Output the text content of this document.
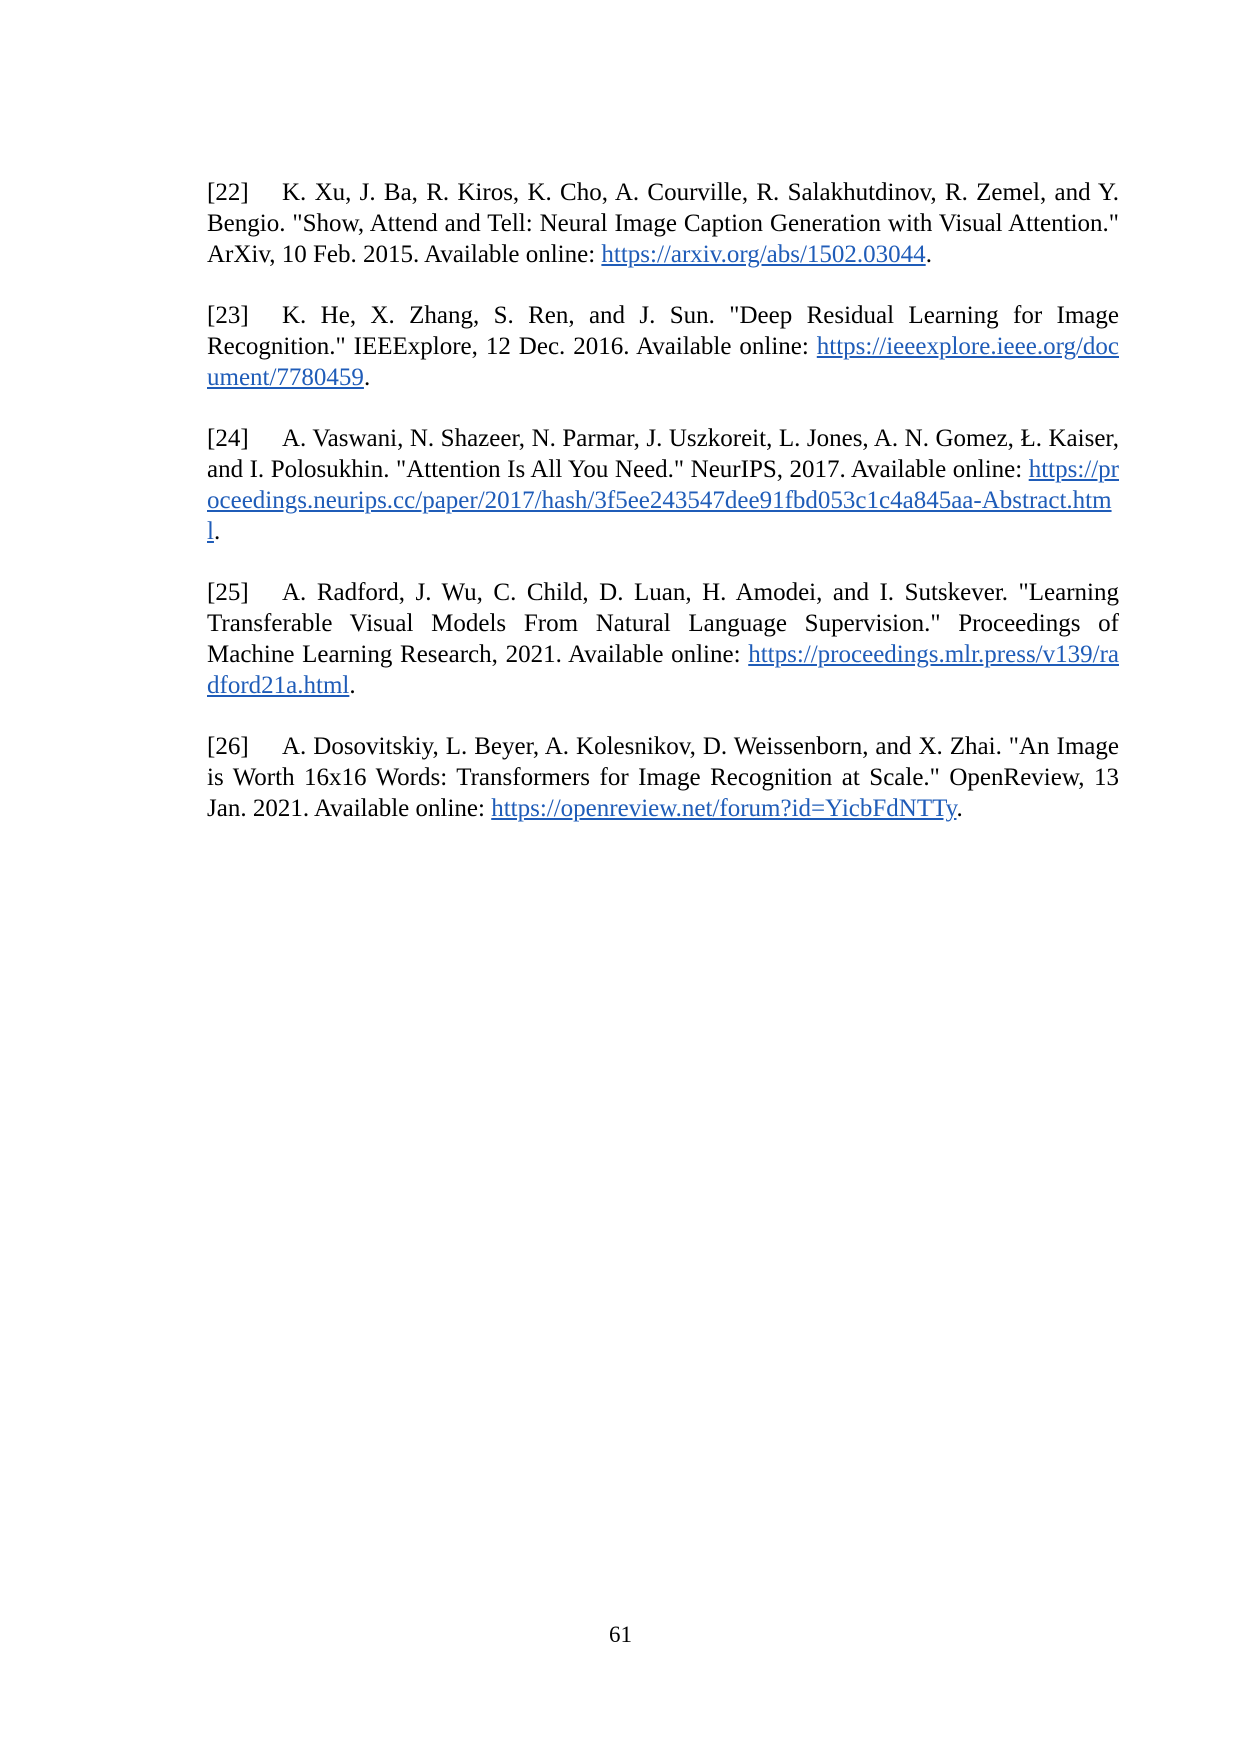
[22] K. Xu, J. Ba, R. Kiros, K. Cho, A. Courville, R. Salakhutdinov, R. Zemel, and Y. Bengio. "Show, Attend and Tell: Neural Image Caption Generation with Visual Attention." ArXiv, 10 Feb. 2015. Available online: https://arxiv.org/abs/1502.03044.

[23] K. He, X. Zhang, S. Ren, and J. Sun. "Deep Residual Learning for Image Recognition." IEEExplore, 12 Dec. 2016. Available online: https://ieeexplore.ieee.org/document/7780459.

[24] A. Vaswani, N. Shazeer, N. Parmar, J. Uszkoreit, L. Jones, A. N. Gomez, Ł. Kaiser, and I. Polosukhin. "Attention Is All You Need." NeurIPS, 2017. Available online: https://proceedings.neurips.cc/paper/2017/hash/3f5ee243547dee91fbd053c1c4a845aa-Abstract.html.

[25] A. Radford, J. Wu, C. Child, D. Luan, H. Amodei, and I. Sutskever. "Learning Transferable Visual Models From Natural Language Supervision." Proceedings of Machine Learning Research, 2021. Available online: https://proceedings.mlr.press/v139/radford21a.html.

[26] A. Dosovitskiy, L. Beyer, A. Kolesnikov, D. Weissenborn, and X. Zhai. "An Image is Worth 16x16 Words: Transformers for Image Recognition at Scale." OpenReview, 13 Jan. 2021. Available online: https://openreview.net/forum?id=YicbFdNTTy.

61
